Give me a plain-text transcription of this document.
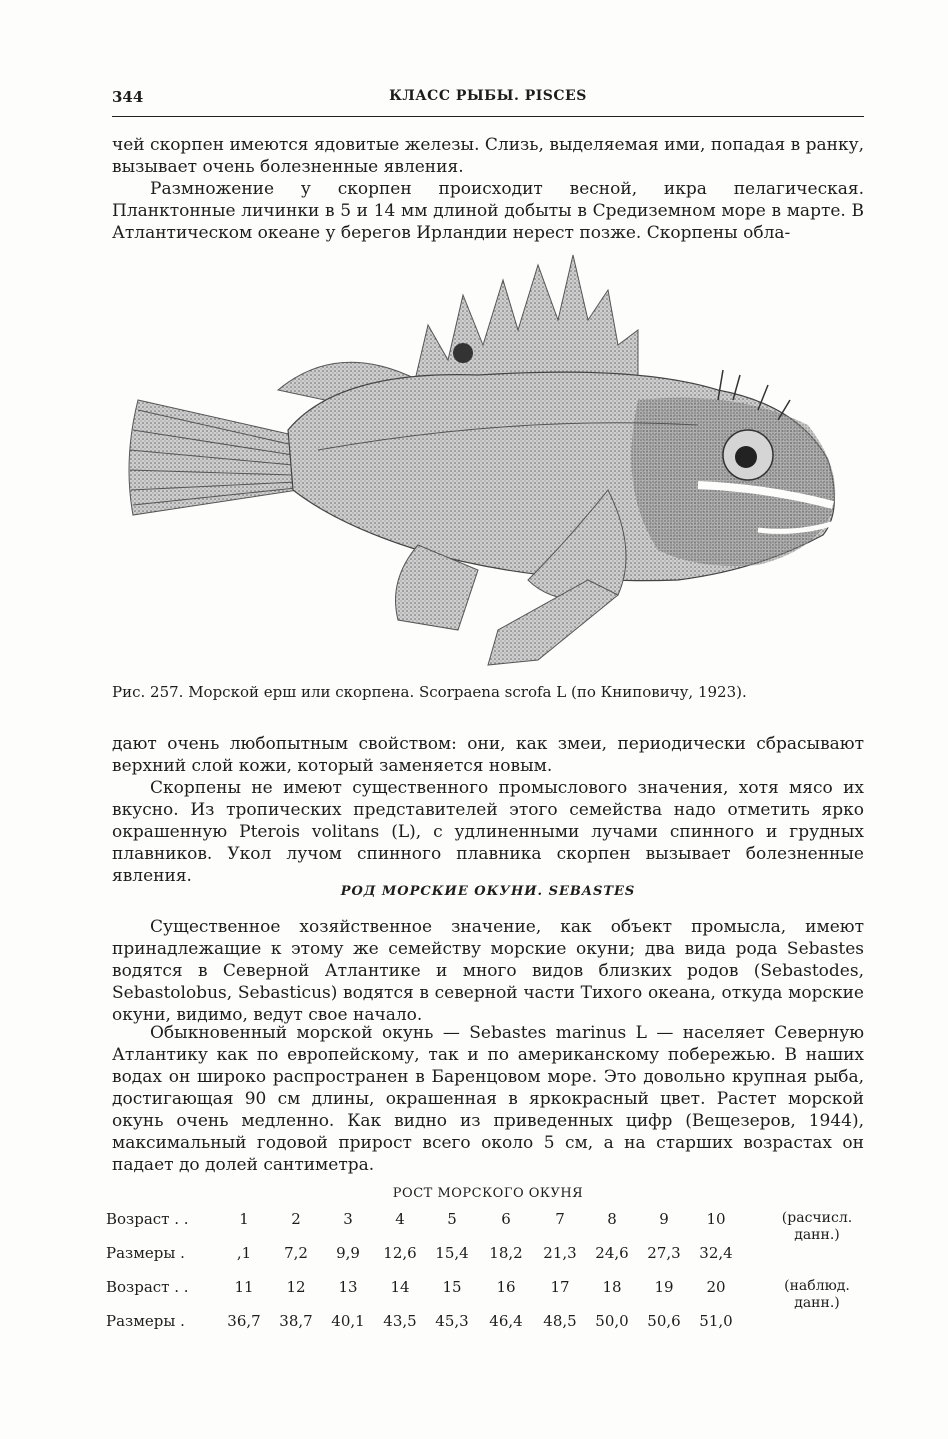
344	КЛАСС РЫБЫ. PISCES
чей скорпен имеются ядовитые железы. Слизь, выделяемая ими, попадая в ранку, вызывает очень болезненные явления.
Размножение у скорпен происходит весной, икра пелагическая. Планктонные личинки в 5 и 14 мм длиной добыты в Средиземном море в марте. В Атлантическом океане у берегов Ирландии нерест позже. Скорпены обла-
Рис. 257. Морской ерш или скорпена. Scorpaena scrofa L (по Книповичу, 1923).
дают очень любопытным свойством: они, как змеи, периодически сбрасывают верхний слой кожи, который заменяется новым.
Скорпены не имеют существенного промыслового значения, хотя мясо их вкусно. Из тропических представителей этого семейства надо отметить ярко окрашенную Pterois volitans (L), с удлиненными лучами спинного и грудных плавников. Укол лучом спинного плавника скорпен вызывает болезненные явления.
РОД МОРСКИЕ ОКУНИ. SEBASTES
Существенное хозяйственное значение, как объект промысла, имеют принадлежащие к этому же семейству морские окуни; два вида рода Sebastes водятся в Северной Атлантике и много видов близких родов (Sebastodes, Sebastolobus, Sebasticus) водятся в северной части Тихого океана, откуда морские окуни, видимо, ведут свое начало.
Обыкновенный морской окунь — Sebastes marinus L — населяет Северную Атлантику как по европейскому, так и по американскому побережью. В наших водах он широко распространен в Баренцовом море. Это довольно крупная рыба, достигающая 90 см длины, окрашенная в яркокрасный цвет. Растет морской окунь очень медленно. Как видно из приведенных цифр (Вещезеров, 1944), максимальный годовой прирост всего около 5 см, а на старших возрастах он падает до долей сантиметра.
РОСТ МОРСКОГО ОКУНЯ
Возраст . .	1	2	3	4	5	6	7	8	9	10	(расчисл. данн.)
Размеры .	,1	7,2	9,9	12,6	15,4	18,2	21,3	24,6	27,3	32,4
Возраст . .	11	12	13	14	15	16	17	18	19	20	(наблюд. данн.)
Размеры .	36,7	38,7	40,1	43,5	45,3	46,4	48,5	50,0	50,6	51,0
